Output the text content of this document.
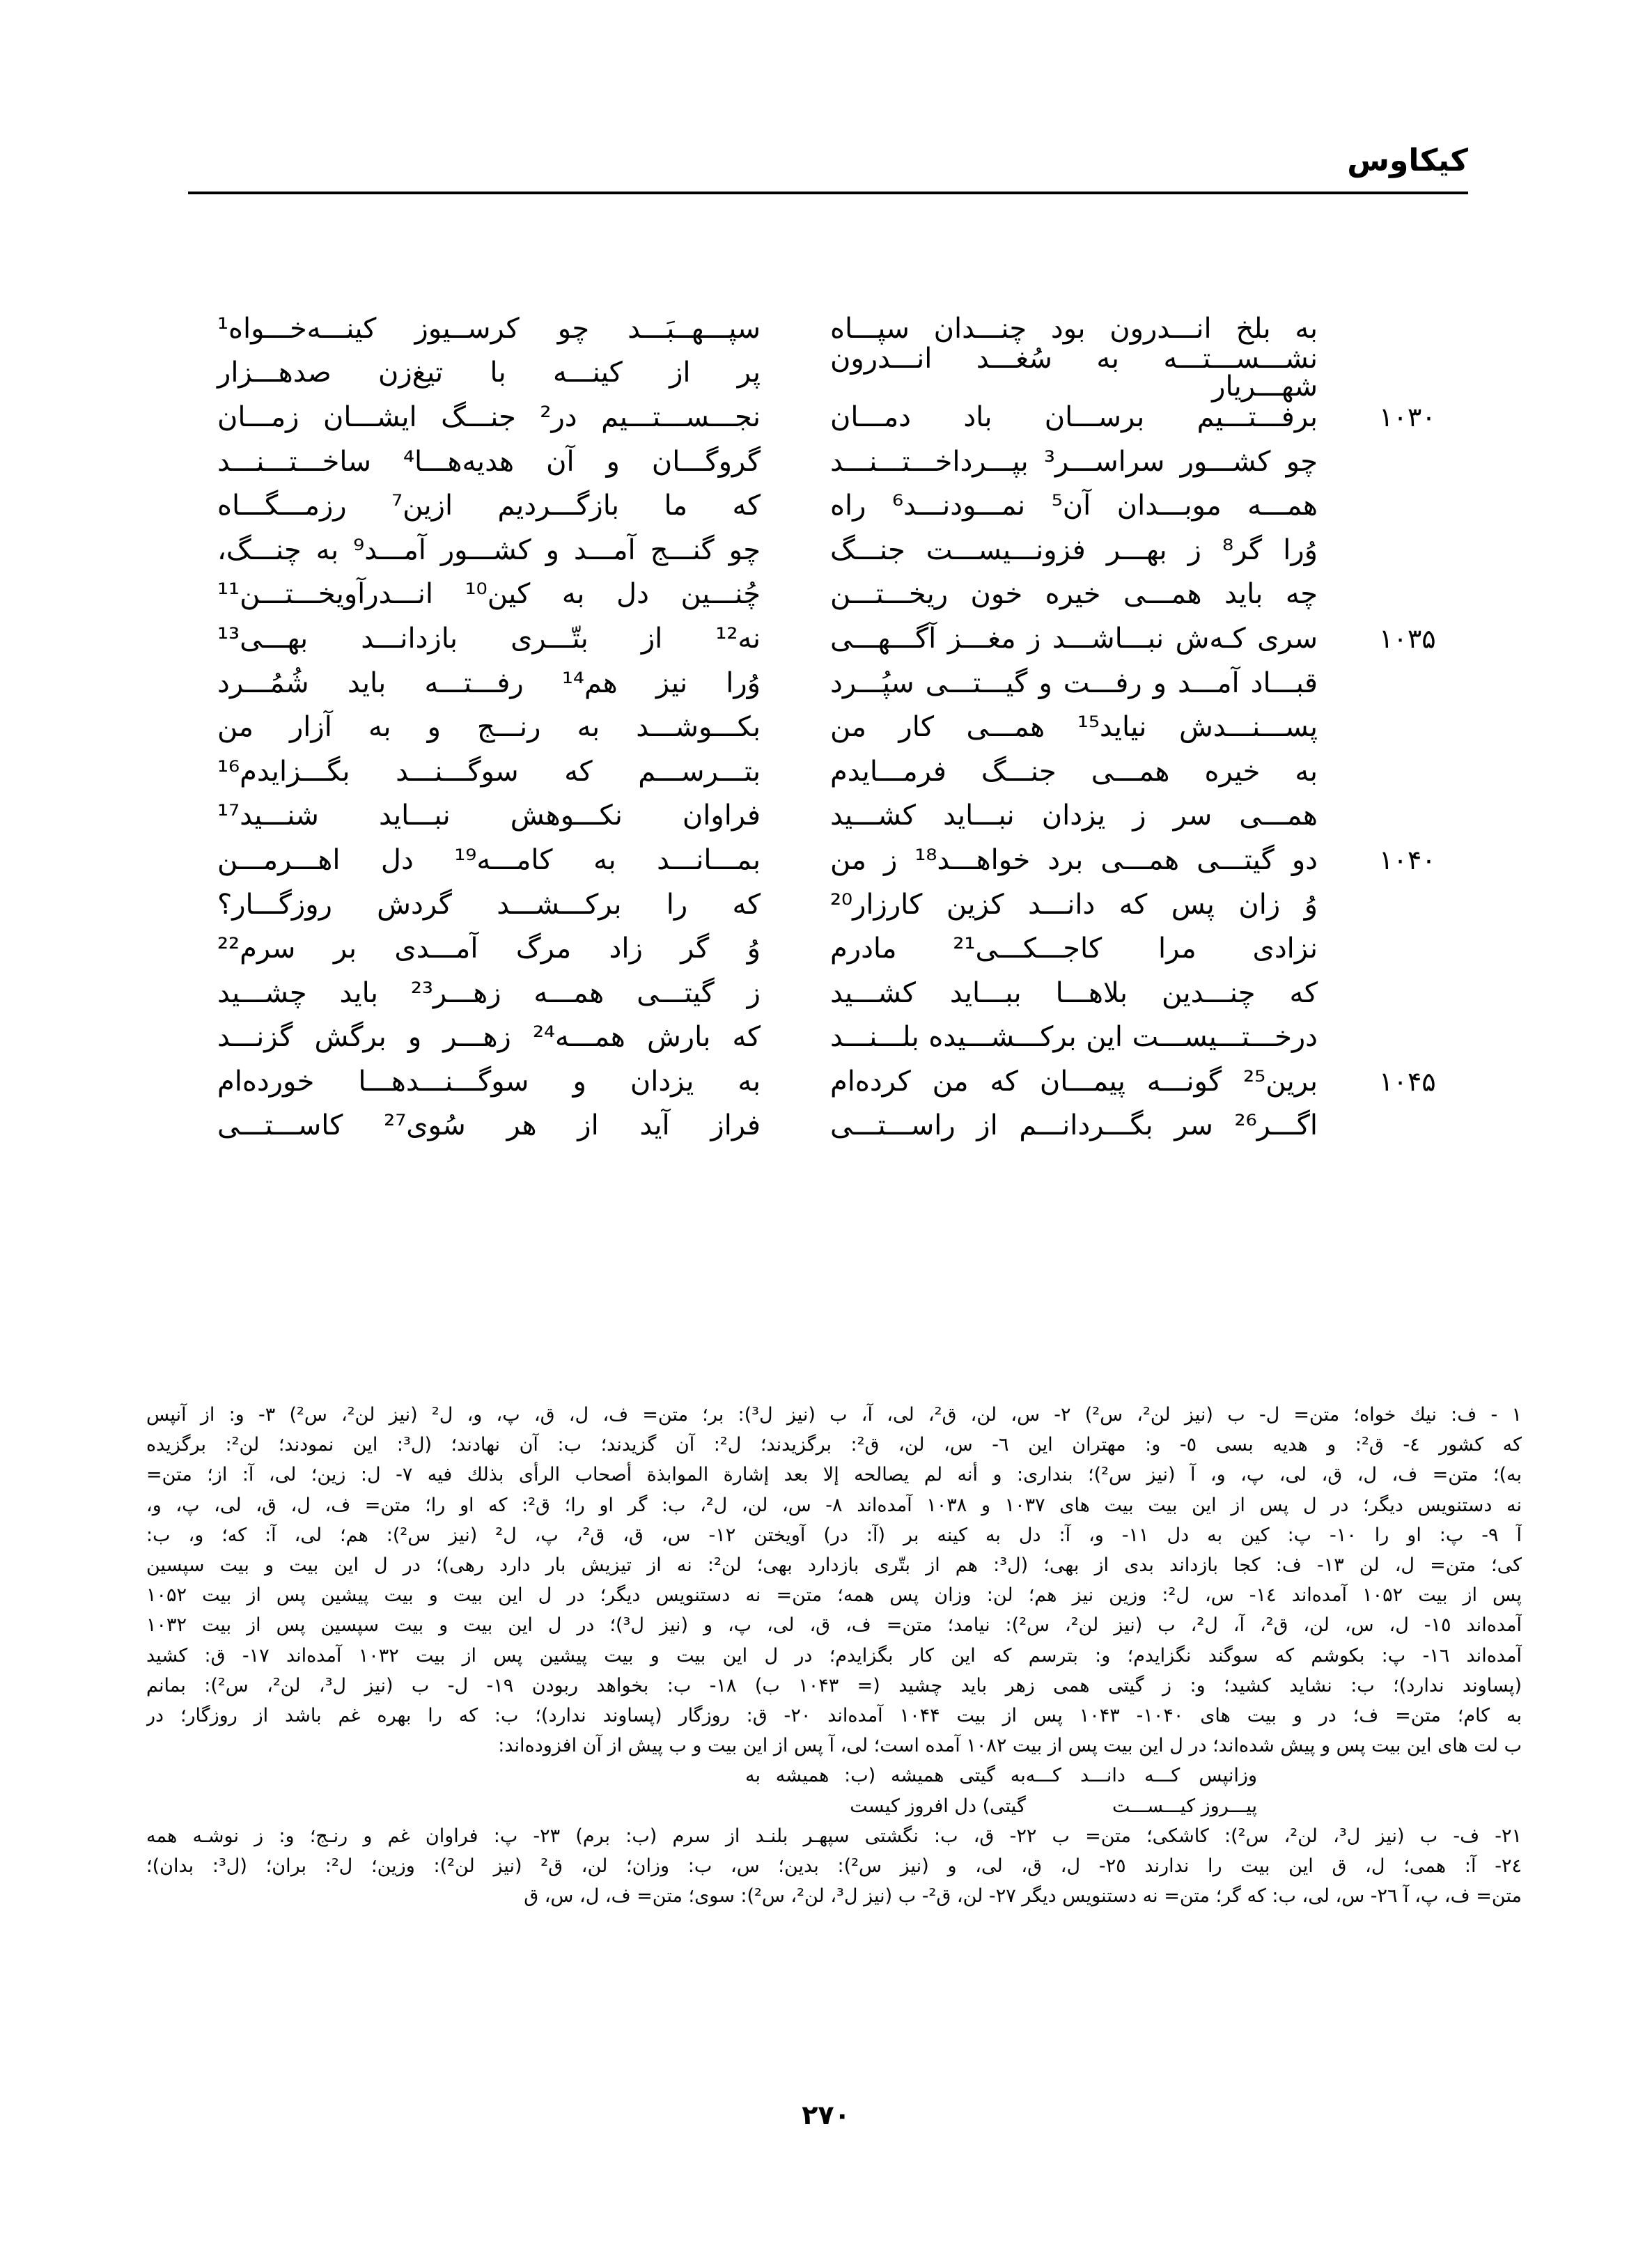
کیکاوس
به بلخ انـــدرون بود چنـــدان سپـــاه
سپـــهــبَـــد چو کرســیوز کینـــه‌خـــواه¹
نشـــســـتـــه به سُغـــد انـــدرون شهـــریار
پر از کینـــه با تیغ‌زن صدهـــزار
۱۰۳۰
برفـــتـــیم برســـان باد دمـــان
نجـــســـتـــیم در² جنـــگ ایشـــان زمـــان
چو کشـــور سراســـر³ بپـــرداخـــتـــنـــد
گروگـــان و آن هدیه‌هـــا⁴ ساخـــتـــنـــد
همـــه موبـــدان آن⁵ نمـــودنـــد⁶ راه
که ما بازگـــردیم ازین⁷ رزمـــگـــاه
وُرا گر⁸ ز بهـــر فزونـــیســـت جنـــگ
چو گنـــج آمـــد و کشـــور آمـــد⁹ به چنـــگ،
چه باید همـــی خیره خون ریخـــتـــن
چُنـــین دل به کین¹⁰ انـــدرآویخـــتـــن¹¹
۱۰۳۵
سری کـه‌ش نبـــاشـــد ز مغـــز آگـــهـــی
نه¹² از بتّـــری بازدانـــد بهـــی¹³
قبـــاد آمـــد و رفـــت و گیـــتـــی سپُـــرد
وُرا نیز هم¹⁴ رفـــتـــه باید شُمُـــرد
پســـنـــدش نیاید¹⁵ همـــی کار من
بکـــوشـــد به رنـــج و به آزار من
به خیره همـــی جنـــگ فرمـــایدم
بتـــرســـم که سوگـــنـــد بگـــزایدم¹⁶
همـــی سر ز یزدان نبـــاید کشـــید
فراوان نکـــوهش نبـــاید شنـــید¹⁷
۱۰۴۰
دو گیتـــی همـــی برد خواهـــد¹⁸ ز من
بمـــانـــد به کامـــه¹⁹ دل اهـــرمـــن
وُ زان پس که دانـــد کزین کارزار²⁰
که را برکـــشـــد گردش روزگـــار؟
نزادی مرا کاجـــکـــی²¹ مادرم
وُ گر زاد مرگ آمـــدی بر سرم²²
که چنـــدین بلاهـــا ببـــاید کشـــید
ز گیتـــی همـــه زهـــر²³ باید چشـــید
درخـــتـــیســـت این برکـــشـــیده بلـــنـــد
که بارش همـــه²⁴ زهـــر و برگش گزنـــد
۱۰۴۵
برین²⁵ گونـــه پیمـــان که من کرده‌ام
به یزدان و سوگـــنـــدهـــا خورده‌ام
اگـــر²⁶ سر بگـــردانـــم از راســـتـــی
فراز آید از هر سُوی²⁷ کاســـتـــی
۱ - ف: نیك خواه؛ متن= ل- ب (نیز لن²، س²) ۲- س، لن، ق²، لی، آ، ب (نیز ل³): بر؛ متن= ف، ل، ق، پ، و، ل² (نیز لن²، س²) ۳- و: از آنپس
که کشور ٤- ق²: و هدیه بسی ٥- و: مهتران این ٦- س، لن، ق²: برگزیدند؛ ل²: آن گزیدند؛ ب: آن نهادند؛ (ل³: این نمودند؛ لن²: برگزیده
به)؛ متن= ف، ل، ق، لی، پ، و، آ (نیز س²)؛ بنداری: و أنه لم یصالحه إلا بعد إشارة الموابذة أصحاب الرأی بذلك فیه ٧- ل: زین؛ لی، آ: از؛ متن=
نه دستنویس دیگر؛ در ل پس از این بیت بیت های ۱۰۳۷ و ۱۰۳۸ آمده‌اند ٨- س، لن، ل²، ب: گر او را؛ ق²: که او را؛ متن= ف، ل، ق، لی، پ، و،
آ ٩- پ: او را ١٠- پ: کین به دل ١١- و، آ: دل به کینه بر (آ: در) آویختن ١٢- س، ق، ق²، پ، ل² (نیز س²): هم؛ لی، آ: که؛ و، ب:
کی؛ متن= ل، لن ١٣- ف: کجا بازداند بدی از بهی؛ (ل³: هم از بتّری بازدارد بهی؛ لن²: نه از تیزیش بار دارد رهی)؛ در ل این بیت و بیت سپسین
پس از بیت ۱۰۵۲ آمده‌اند ١٤- س، ل²: وزین نیز هم؛ لن: وزان پس همه؛ متن= نه دستنویس دیگر؛ در ل این بیت و بیت پیشین پس از بیت ۱۰۵۲
آمده‌اند ١٥- ل، س، لن، ق²، آ، ل²، ب (نیز لن²، س²): نیامد؛ متن= ف، ق، لی، پ، و (نیز ل³)؛ در ل این بیت و بیت سپسین پس از بیت ۱۰۳۲
آمده‌اند ١٦- پ: بکوشم که سوگند نگزایدم؛ و: بترسم که این کار بگزایدم؛ در ل این بیت و بیت پیشین پس از بیت ۱۰۳۲ آمده‌اند ١٧- ق: کشید
(پساوند ندارد)؛ ب: نشاید کشید؛ و: ز گیتی همی زهر باید چشید (= ۱۰۴۳ ب) ١٨- ب: بخواهد ربودن ١٩- ل- ب (نیز ل³، لن²، س²): بمانم
به کام؛ متن= ف؛ در و بیت های ۱۰۴۰- ۱۰۴۳ پس از بیت ۱۰۴۴ آمده‌اند ٢٠- ق: روزگار (پساوند ندارد)؛ ب: که را بهره غم باشد از روزگار؛ در
ب لت های این بیت پس و پیش شده‌اند؛ در ل این بیت پس از بیت ۱۰۸۲ آمده است؛ لی، آ پس از این بیت و ب پیش از آن افزوده‌اند:
وزانپس کـــه دانـــد کـــه پیـــروز کیـــســـت
به گیتی همیشه (ب: همیشه به گیتی) دل افروز کیست
٢١- ف- ب (نیز ل³، لن²، س²): کاشکی؛ متن= ب ٢٢- ق، ب: نگشتی سپهـر بلنـد از سرم (ب: برم) ٢٣- پ: فراوان غم و رنـج؛ و: ز نوشـه همه
٢٤- آ: همی؛ ل، ق این بیت را ندارند ٢٥- ل، ق، لی، و (نیز س²): بدین؛ س، ب: وزان؛ لن، ق² (نیز لن²): وزین؛ ل²: بران؛ (ل³: بدان)؛
متن= ف، پ، آ ٢٦- س، لی، ب: که گر؛ متن= نه دستنویس دیگر ٢٧- لن، ق²- ب (نیز ل³، لن²، س²): سوی؛ متن= ف، ل، س، ق
۲۷۰
